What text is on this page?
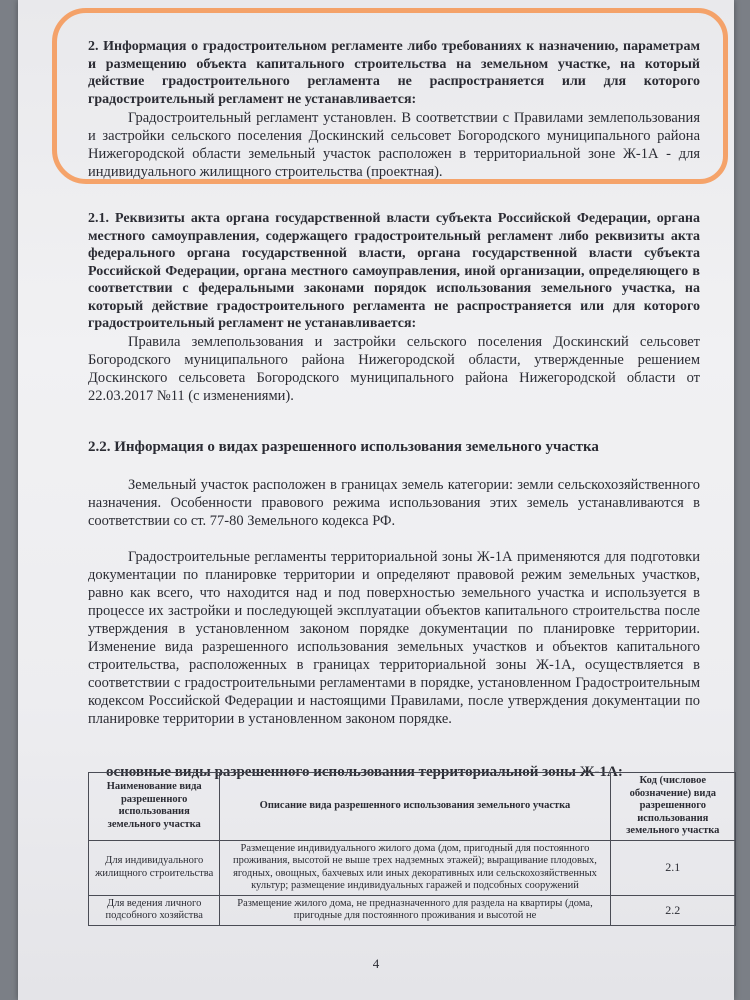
2. Информация о градостроительном регламенте либо требованиях к назначению, параметрам и размещению объекта капитального строительства на земельном участке, на который действие градостроительного регламента не распространяется или для которого градостроительный регламент не устанавливается:

Градостроительный регламент установлен. В соответствии с Правилами землепользования и застройки сельского поселения Доскинский сельсовет Богородского муниципального района Нижегородской области земельный участок расположен в территориальной зоне Ж-1А - для индивидуального жилищного строительства (проектная).

2.1. Реквизиты акта органа государственной власти субъекта Российской Федерации, органа местного самоуправления, содержащего градостроительный регламент либо реквизиты акта федерального органа государственной власти, органа государственной власти субъекта Российской Федерации, органа местного самоуправления, иной организации, определяющего в соответствии с федеральными законами порядок использования земельного участка, на который действие градостроительного регламента не распространяется или для которого градостроительный регламент не устанавливается:

Правила землепользования и застройки сельского поселения Доскинский сельсовет Богородского муниципального района Нижегородской области, утвержденные решением Доскинского сельсовета Богородского муниципального района Нижегородской области от 22.03.2017 №11 (с изменениями).

2.2. Информация о видах разрешенного использования земельного участка

Земельный участок расположен в границах земель категории: земли сельскохозяйственного назначения. Особенности правового режима использования этих земель устанавливаются в соответствии со ст. 77-80 Земельного кодекса РФ.

Градостроительные регламенты территориальной зоны Ж-1А применяются для подготовки документации по планировке территории и определяют правовой режим земельных участков, равно как всего, что находится над и под поверхностью земельного участка и используется в процессе их застройки и последующей эксплуатации объектов капитального строительства после утверждения в установленном законом порядке документации по планировке территории. Изменение вида разрешенного использования земельных участков и объектов капитального строительства, расположенных в границах территориальной зоны Ж-1А, осуществляется в соответствии с градостроительными регламентами в порядке, установленном Градостроительным кодексом Российской Федерации и настоящими Правилами, после утверждения документации по планировке территории в установленном законом порядке.

основные виды разрешенного использования территориальной зоны Ж-1А:

Наименование вида разрешенного использования земельного участка	Описание вида разрешенного использования земельного участка	Код (числовое обозначение) вида разрешенного использования земельного участка
Для индивидуального жилищного строительства	Размещение индивидуального жилого дома (дом, пригодный для постоянного проживания, высотой не выше трех надземных этажей); выращивание плодовых, ягодных, овощных, бахчевых или иных декоративных или сельскохозяйственных культур; размещение индивидуальных гаражей и подсобных сооружений	2.1
Для ведения личного подсобного хозяйства	Размещение жилого дома, не предназначенного для раздела на квартиры (дома, пригодные для постоянного проживания и высотой не	2.2
4
